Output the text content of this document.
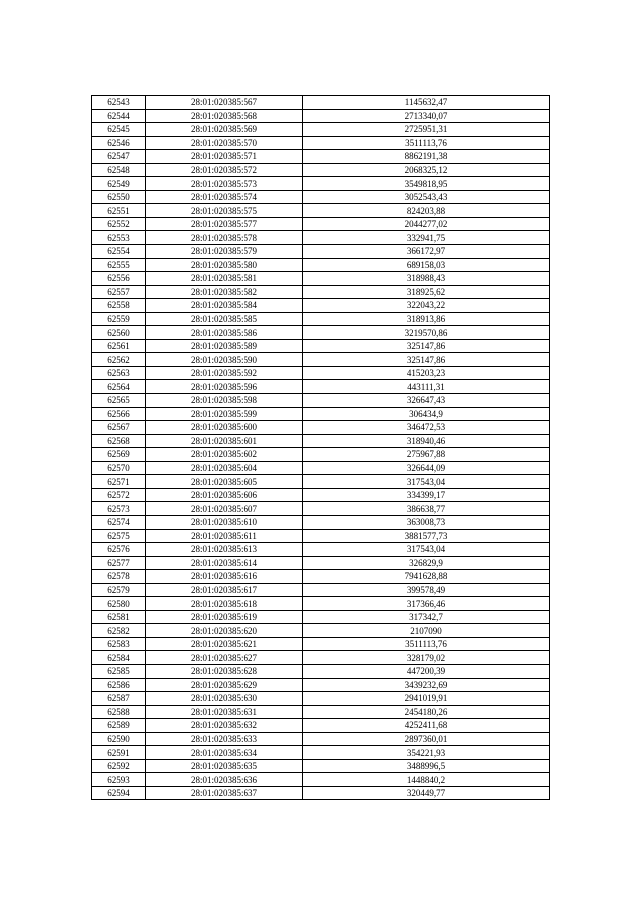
62543	28:01:020385:567	1145632,47
62544	28:01:020385:568	2713340,07
62545	28:01:020385:569	2725951,31
62546	28:01:020385:570	3511113,76
62547	28:01:020385:571	8862191,38
62548	28:01:020385:572	2068325,12
62549	28:01:020385:573	3549818,95
62550	28:01:020385:574	3052543,43
62551	28:01:020385:575	824203,88
62552	28:01:020385:577	2044277,02
62553	28:01:020385:578	332941,75
62554	28:01:020385:579	366172,97
62555	28:01:020385:580	689158,03
62556	28:01:020385:581	318988,43
62557	28:01:020385:582	318925,62
62558	28:01:020385:584	322043,22
62559	28:01:020385:585	318913,86
62560	28:01:020385:586	3219570,86
62561	28:01:020385:589	325147,86
62562	28:01:020385:590	325147,86
62563	28:01:020385:592	415203,23
62564	28:01:020385:596	443111,31
62565	28:01:020385:598	326647,43
62566	28:01:020385:599	306434,9
62567	28:01:020385:600	346472,53
62568	28:01:020385:601	318940,46
62569	28:01:020385:602	275967,88
62570	28:01:020385:604	326644,09
62571	28:01:020385:605	317543,04
62572	28:01:020385:606	334399,17
62573	28:01:020385:607	386638,77
62574	28:01:020385:610	363008,73
62575	28:01:020385:611	3881577,73
62576	28:01:020385:613	317543,04
62577	28:01:020385:614	326829,9
62578	28:01:020385:616	7941628,88
62579	28:01:020385:617	399578,49
62580	28:01:020385:618	317366,46
62581	28:01:020385:619	317342,7
62582	28:01:020385:620	2107090
62583	28:01:020385:621	3511113,76
62584	28:01:020385:627	328179,02
62585	28:01:020385:628	447200,39
62586	28:01:020385:629	3439232,69
62587	28:01:020385:630	2941019,91
62588	28:01:020385:631	2454180,26
62589	28:01:020385:632	4252411,68
62590	28:01:020385:633	2897360,01
62591	28:01:020385:634	354221,93
62592	28:01:020385:635	3488996,5
62593	28:01:020385:636	1448840,2
62594	28:01:020385:637	320449,77
